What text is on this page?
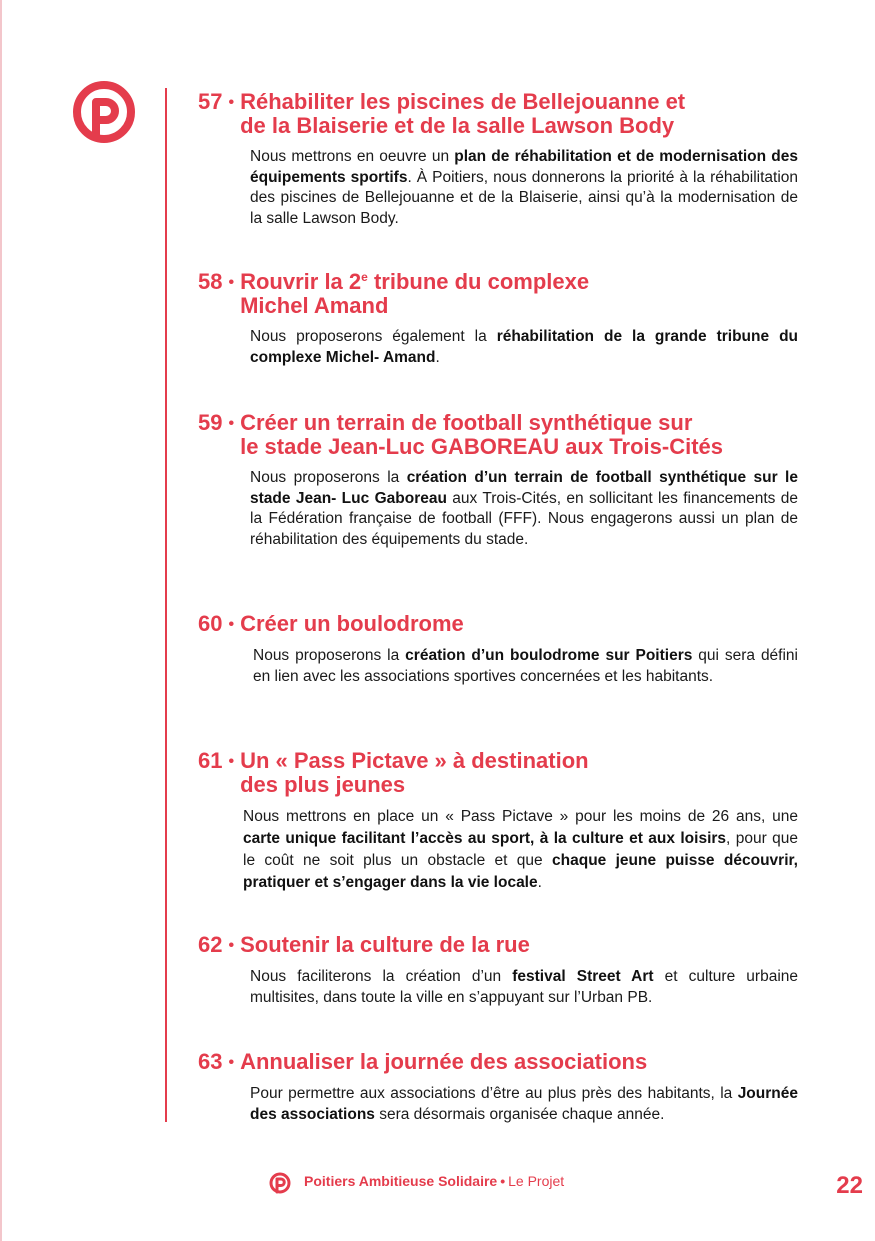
57 • Réhabiliter les piscines de Bellejouanne et
de la Blaiserie et de la salle Lawson Body
Nous mettrons en oeuvre un plan de réhabilitation et de modernisation des équipements sportifs. À Poitiers, nous donnerons la priorité à la réhabilitation des piscines de Bellejouanne et de la Blaiserie, ainsi qu’à la modernisation de la salle Lawson Body.
58 • Rouvrir la 2e tribune du complexe
Michel Amand
Nous proposerons également la réhabilitation de la grande tribune du complexe Michel- Amand.
59 • Créer un terrain de football synthétique sur
le stade Jean-Luc GABOREAU aux Trois-Cités
Nous proposerons la création d’un terrain de football synthétique sur le stade Jean- Luc Gaboreau aux Trois-Cités, en sollicitant les financements de la Fédération française de football (FFF). Nous engagerons aussi un plan de réhabilitation des équipements du stade.
60 • Créer un boulodrome
Nous proposerons la création d’un boulodrome sur Poitiers qui sera défini en lien avec les associations sportives concernées et les habitants.
61 • Un « Pass Pictave » à destination
des plus jeunes
Nous mettrons en place un « Pass Pictave » pour les moins de 26 ans, une carte unique facilitant l’accès au sport, à la culture et aux loisirs, pour que le coût ne soit plus un obstacle et que chaque jeune puisse découvrir, pratiquer et s’engager dans la vie locale.
62 • Soutenir la culture de la rue
Nous faciliterons la création d’un festival Street Art et culture urbaine multisites, dans toute la ville en s’appuyant sur l’Urban PB.
63 • Annualiser la journée des associations
Pour permettre aux associations d’être au plus près des habitants, la Journée des associations sera désormais organisée chaque année.
Poitiers Ambitieuse Solidaire • Le Projet	22
